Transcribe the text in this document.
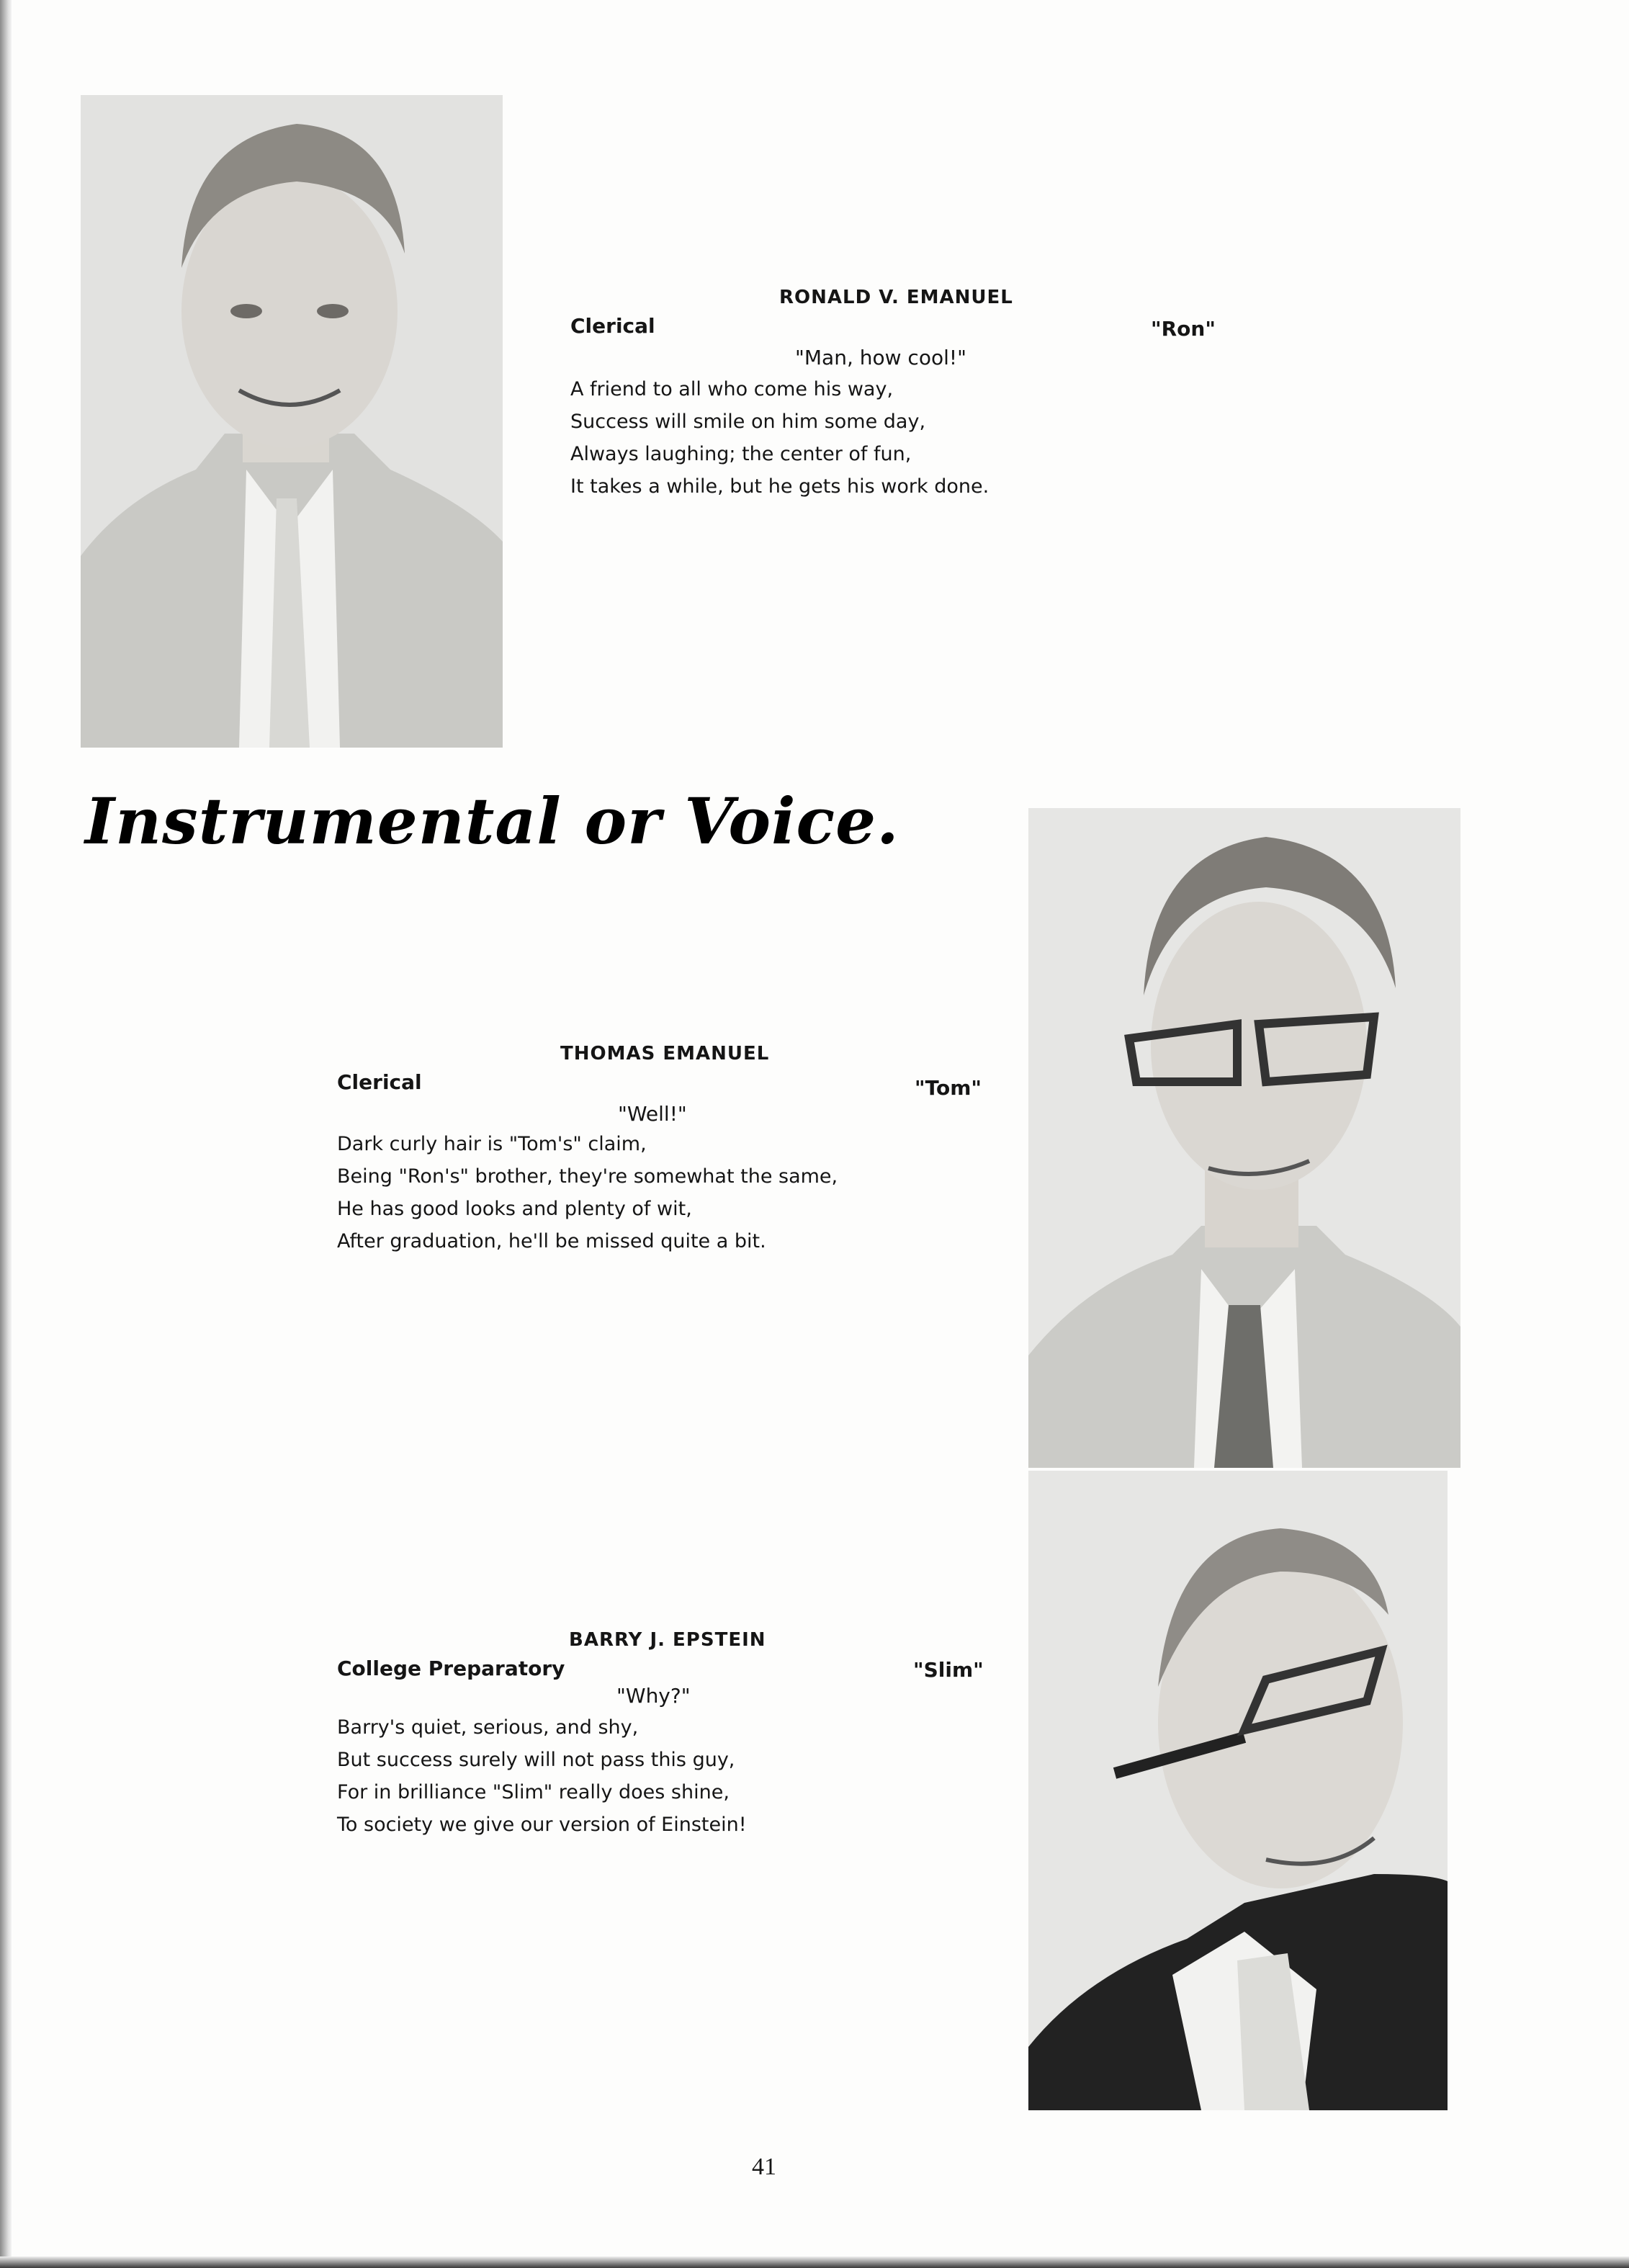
RONALD V. EMANUEL
Clerical	"Ron"
"Man, how cool!"
A friend to all who come his way,
Success will smile on him some day,
Always laughing; the center of fun,
It takes a while, but he gets his work done.
Instrumental or Voice.
THOMAS EMANUEL
Clerical	"Tom"
"Well!"
Dark curly hair is "Tom's" claim,
Being "Ron's" brother, they're somewhat the same,
He has good looks and plenty of wit,
After graduation, he'll be missed quite a bit.
BARRY J. EPSTEIN
College Preparatory	"Slim"
"Why?"
Barry's quiet, serious, and shy,
But success surely will not pass this guy,
For in brilliance "Slim" really does shine,
To society we give our version of Einstein!
41
